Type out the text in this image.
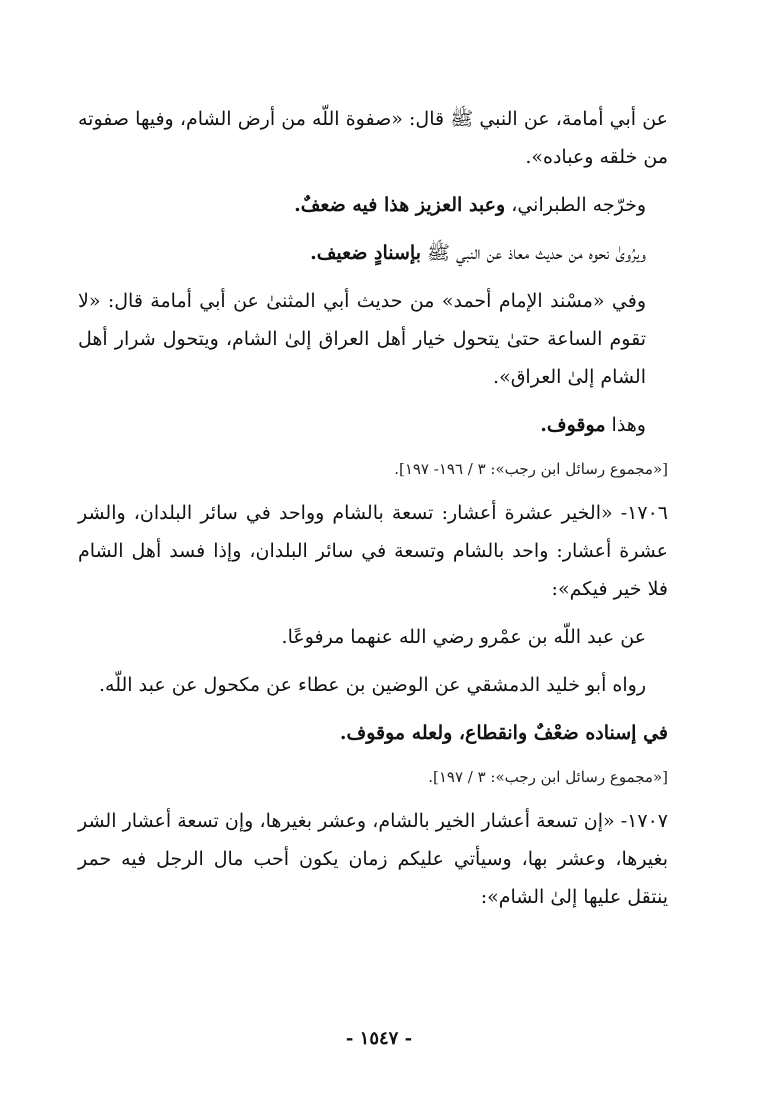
عن أبي أمامة، عن النبي ﷺ قال: «صفوة اللّه من أرض الشام، وفيها صفوته من خلقه وعباده».

وخرّجه الطبراني، وعبد العزيز هذا فيه ضعفٌ.

ويرُوىٰ نحوه من حديث معاذ عن النبي ﷺ بإسنادٍ ضعيف.

وفي «مسْند الإمام أحمد» من حديث أبي المثنىٰ عن أبي أمامة قال: «لا تقوم الساعة حتىٰ يتحول خيار أهل العراق إلىٰ الشام، ويتحول شرار أهل الشام إلىٰ العراق».

وهذا موقوف.

[«مجموع رسائل ابن رجب»: ٣ / ١٩٦- ١٩٧].

١٧٠٦- «الخير عشرة أعشار: تسعة بالشام وواحد في سائر البلدان، والشر عشرة أعشار: واحد بالشام وتسعة في سائر البلدان، وإذا فسد أهل الشام فلا خير فيكم»:

عن عبد اللّه بن عمْرو رضي الله عنهما مرفوعًا.

رواه أبو خليد الدمشقي عن الوضين بن عطاء عن مكحول عن عبد اللّه.

في إسناده ضعْفٌ وانقطاع، ولعله موقوف.

[«مجموع رسائل ابن رجب»: ٣ / ١٩٧].

١٧٠٧- «إن تسعة أعشار الخير بالشام، وعشر بغيرها، وإن تسعة أعشار الشر بغيرها، وعشر بها، وسيأتي عليكم زمان يكون أحب مال الرجل فيه حمر ينتقل عليها إلىٰ الشام»:

- ١٥٤٧ -
